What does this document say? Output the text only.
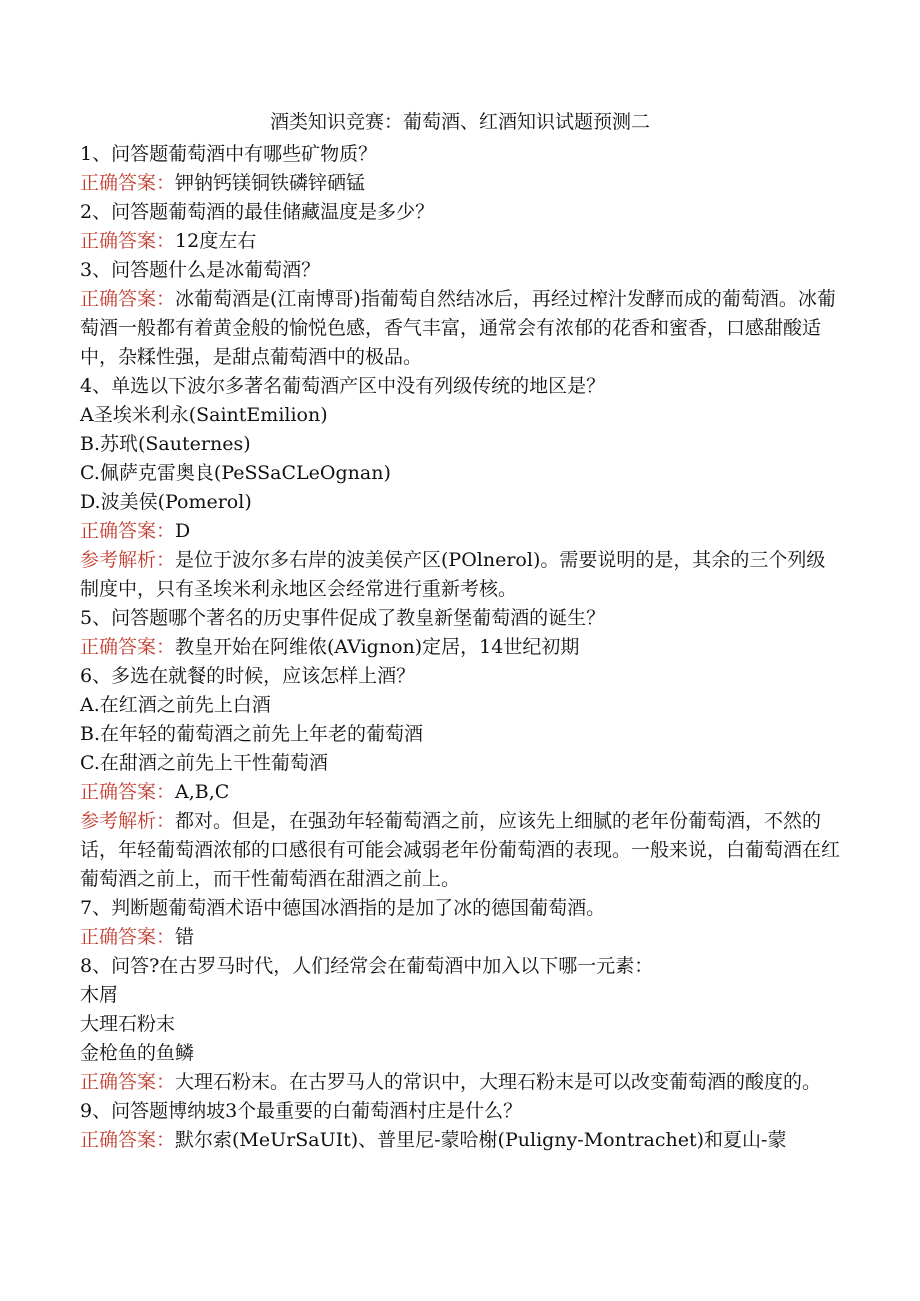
酒类知识竞赛：葡萄酒、红酒知识试题预测二
1、问答题葡萄酒中有哪些矿物质？
正确答案：钾钠钙镁铜铁磷锌硒锰
2、问答题葡萄酒的最佳储藏温度是多少？
正确答案：12度左右
3、问答题什么是冰葡萄酒？
正确答案：冰葡萄酒是(江南博哥)指葡萄自然结冰后，再经过榨汁发酵而成的葡萄酒。冰葡萄酒一般都有着黄金般的愉悦色感，香气丰富，通常会有浓郁的花香和蜜香，口感甜酸适中，杂糅性强，是甜点葡萄酒中的极品。
4、单选以下波尔多著名葡萄酒产区中没有列级传统的地区是？
A圣埃米利永(SaintEmilion)
B.苏玳(Sauternes)
C.佩萨克雷奥良(PeSSaCLeOgnan)
D.波美侯(Pomerol)
正确答案：D
参考解析：是位于波尔多右岸的波美侯产区(POlnerol)。需要说明的是，其余的三个列级制度中，只有圣埃米利永地区会经常进行重新考核。
5、问答题哪个著名的历史事件促成了教皇新堡葡萄酒的诞生？
正确答案：教皇开始在阿维侬(AVignon)定居，14世纪初期
6、多选在就餐的时候，应该怎样上酒？
A.在红酒之前先上白酒
B.在年轻的葡萄酒之前先上年老的葡萄酒
C.在甜酒之前先上干性葡萄酒
正确答案：A,B,C
参考解析：都对。但是，在强劲年轻葡萄酒之前，应该先上细腻的老年份葡萄酒，不然的话，年轻葡萄酒浓郁的口感很有可能会减弱老年份葡萄酒的表现。一般来说，白葡萄酒在红葡萄酒之前上，而干性葡萄酒在甜酒之前上。
7、判断题葡萄酒术语中德国冰酒指的是加了冰的德国葡萄酒。
正确答案：错
8、问答?在古罗马时代，人们经常会在葡萄酒中加入以下哪一元素：
木屑
大理石粉末
金枪鱼的鱼鳞
正确答案：大理石粉末。在古罗马人的常识中，大理石粉末是可以改变葡萄酒的酸度的。
9、问答题博纳坡3个最重要的白葡萄酒村庄是什么？
正确答案：默尔索(MeUrSaUIt)、普里尼-蒙哈榭(Puligny-Montrachet)和夏山-蒙
